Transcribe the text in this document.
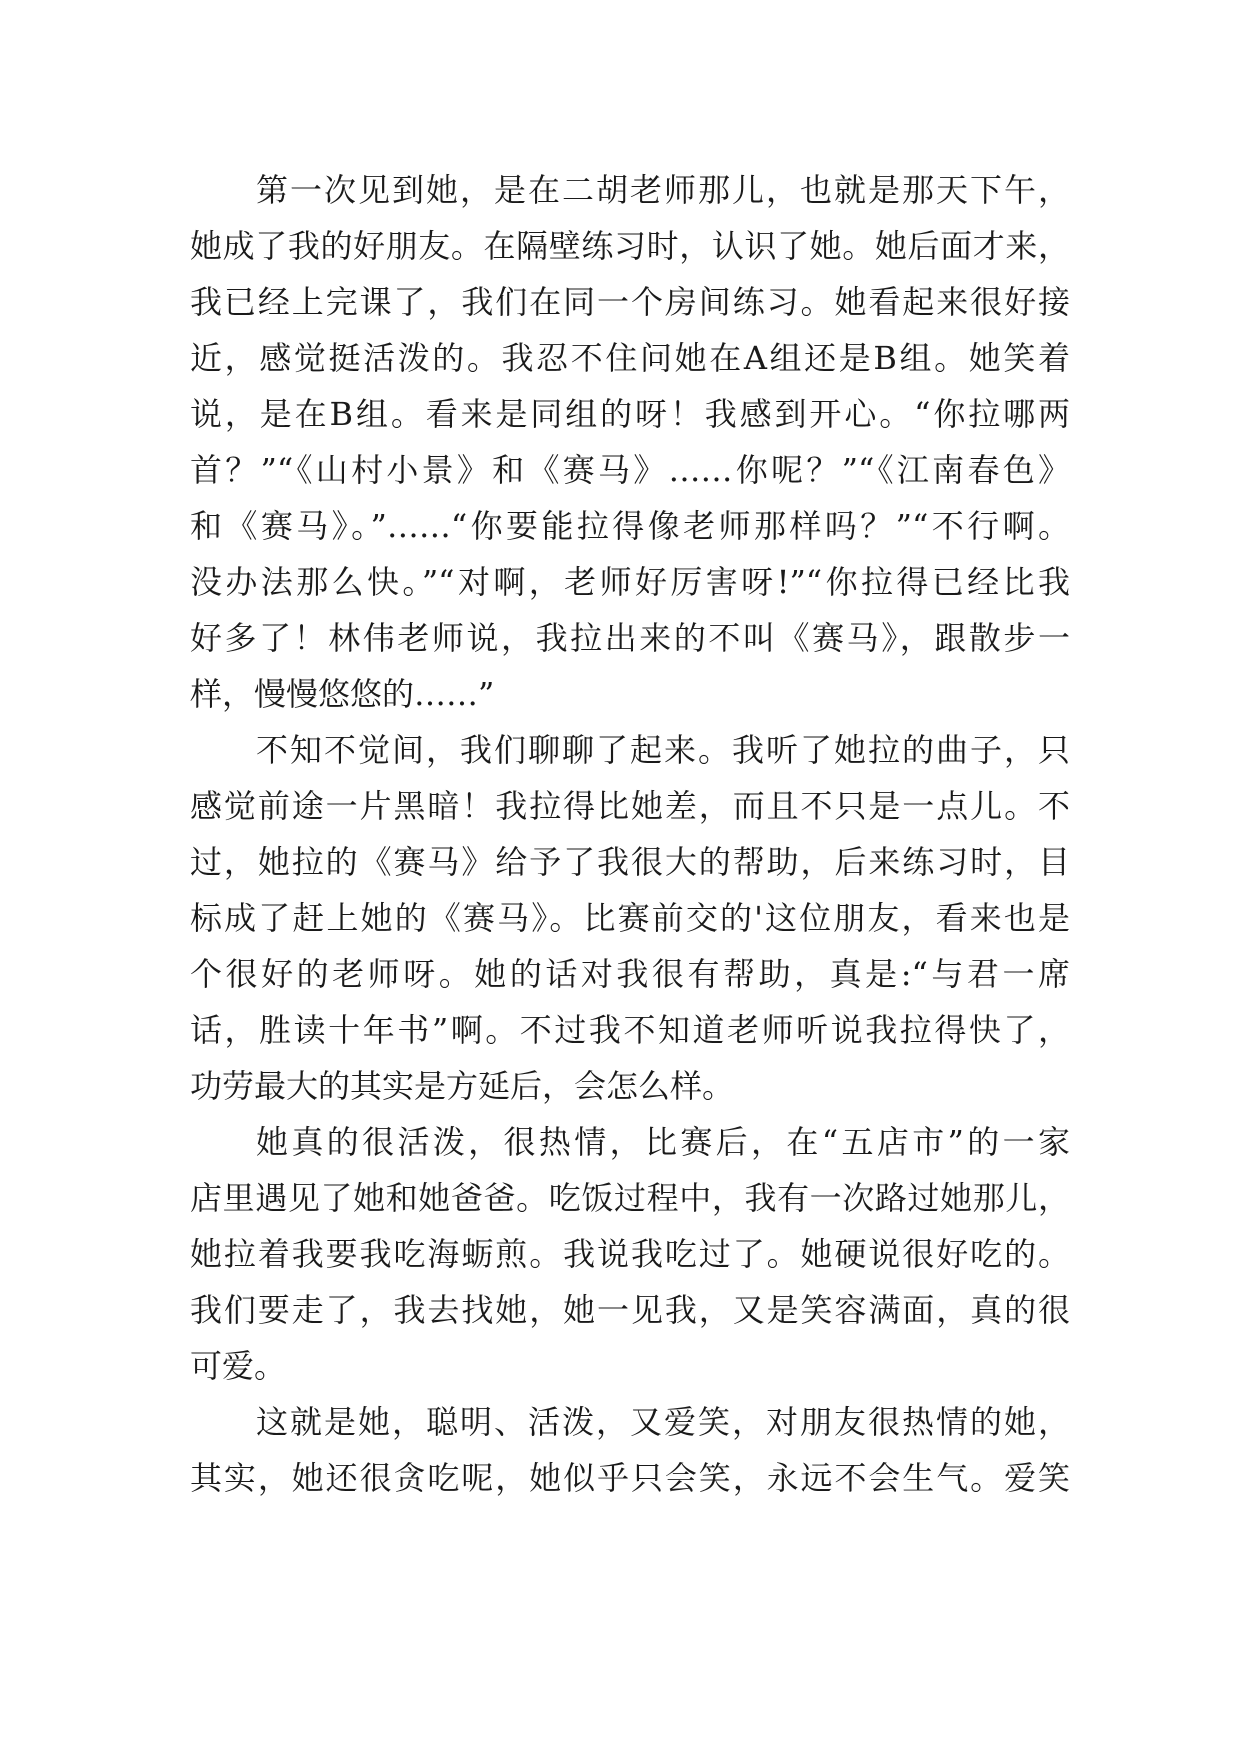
第一次见到她，是在二胡老师那儿，也就是那天下午，
她成了我的好朋友。在隔壁练习时，认识了她。她后面才来，
我已经上完课了，我们在同一个房间练习。她看起来很好接
近，感觉挺活泼的。我忍不住问她在A组还是B组。她笑着
说，是在B组。看来是同组的呀！我感到开心。“你拉哪两
首？”“《山村小景》和《赛马》……你呢？”“《江南春色》
和《赛马》。”……“你要能拉得像老师那样吗？”“不行啊。
没办法那么快。”“对啊，老师好厉害呀!”“你拉得已经比我
好多了！林伟老师说，我拉出来的不叫《赛马》，跟散步一
样，慢慢悠悠的……”
不知不觉间，我们聊聊了起来。我听了她拉的曲子，只
感觉前途一片黑暗！我拉得比她差，而且不只是一点儿。不
过，她拉的《赛马》给予了我很大的帮助，后来练习时，目
标成了赶上她的《赛马》。比赛前交的'这位朋友，看来也是
个很好的老师呀。她的话对我很有帮助，真是:“与君一席
话，胜读十年书”啊。不过我不知道老师听说我拉得快了，
功劳最大的其实是方延后，会怎么样。
她真的很活泼，很热情，比赛后，在“五店市”的一家
店里遇见了她和她爸爸。吃饭过程中，我有一次路过她那儿，
她拉着我要我吃海蛎煎。我说我吃过了。她硬说很好吃的。
我们要走了，我去找她，她一见我，又是笑容满面，真的很
可爱。
这就是她，聪明、活泼，又爱笑，对朋友很热情的她，
其实，她还很贪吃呢，她似乎只会笑，永远不会生气。爱笑
